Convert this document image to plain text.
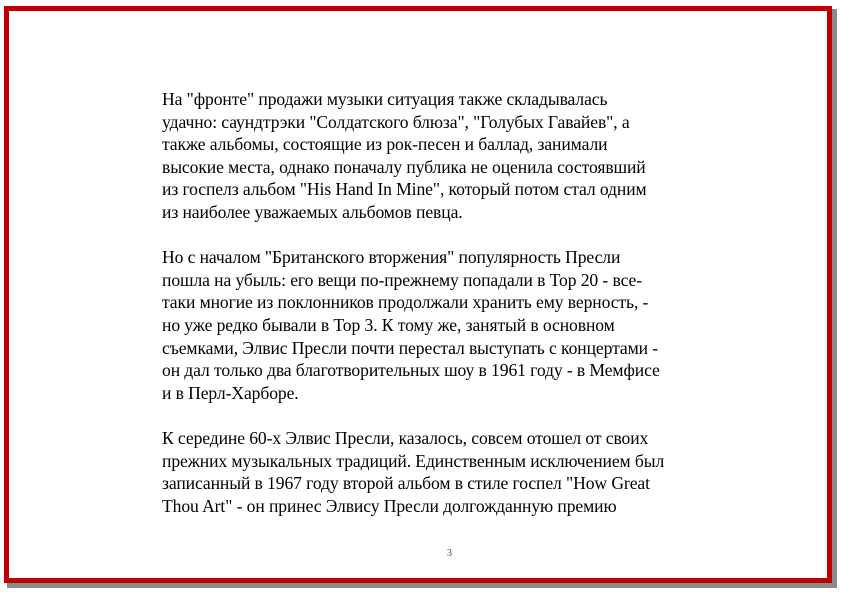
На "фронте" продажи музыки ситуация также складывалась
удачно: саундтрэки "Солдатского блюза", "Голубых Гавайев", а
также альбомы, состоящие из рок-песен и баллад, занимали
высокие места, однако поначалу публика не оценила состоявший
из госпелз альбом "His Hand In Mine", который потом стал одним
из наиболее уважаемых альбомов певца.

Но с началом "Британского вторжения" популярность Пресли
пошла на убыль: его вещи по-прежнему попадали в Top 20 - все-
таки многие из поклонников продолжали хранить ему верность, -
но уже редко бывали в Top 3. К тому же, занятый в основном
съемками, Элвис Пресли почти перестал выступать с концертами -
он дал только два благотворительных шоу в 1961 году - в Мемфисе
и в Перл-Харборе.

К середине 60-х Элвис Пресли, казалось, совсем отошел от своих
прежних музыкальных традиций. Единственным исключением был
записанный в 1967 году второй альбом в стиле госпел "How Great
Thou Art" - он принес Элвису Пресли долгожданную премию

3
